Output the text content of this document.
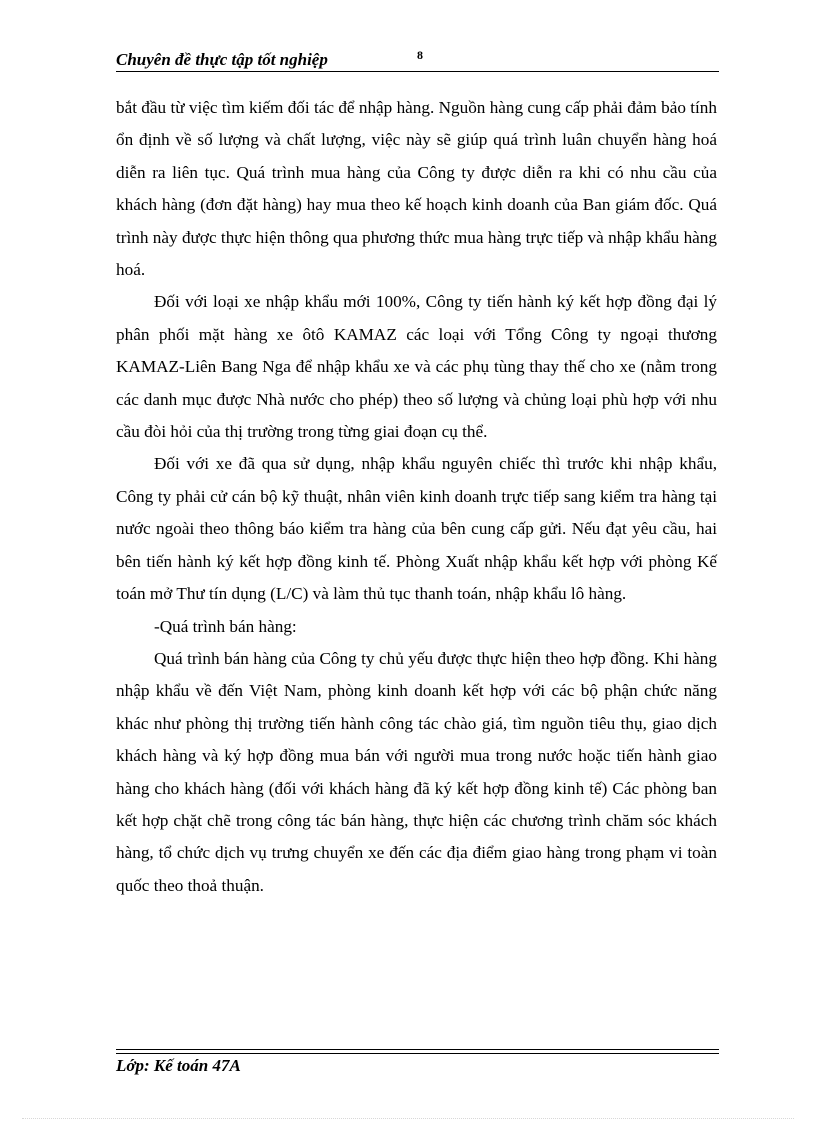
Chuyên đề thực tập tốt nghiệp	8

bắt đầu từ việc tìm kiếm đối tác để nhập hàng. Nguồn hàng cung cấp phải đảm bảo tính ổn định về số lượng và chất lượng, việc này sẽ giúp quá trình luân chuyển hàng hoá diễn ra liên tục. Quá trình mua hàng của Công ty được diễn ra khi có nhu cầu của khách hàng (đơn đặt hàng) hay mua theo kế hoạch kinh doanh của Ban giám đốc. Quá trình này được thực hiện thông qua phương thức mua hàng trực tiếp và nhập khẩu hàng hoá.

Đối với loại xe nhập khẩu mới 100%, Công ty tiến hành ký kết hợp đồng đại lý phân phối mặt hàng xe ôtô KAMAZ các loại với Tổng Công ty ngoại thương KAMAZ-Liên Bang Nga để nhập khẩu xe và các phụ tùng thay thế cho xe (nằm trong các danh mục được Nhà nước cho phép) theo số lượng và chủng loại phù hợp với nhu cầu đòi hỏi của thị trường trong từng giai đoạn cụ thể.

Đối với xe đã qua sử dụng, nhập khẩu nguyên chiếc thì trước khi nhập khẩu, Công ty phải cử cán bộ kỹ thuật, nhân viên kinh doanh trực tiếp sang kiểm tra hàng tại nước ngoài theo thông báo kiểm tra hàng của bên cung cấp gửi. Nếu đạt yêu cầu, hai bên tiến hành ký kết hợp đồng kinh tế. Phòng Xuất nhập khẩu kết hợp với phòng Kế toán mở Thư tín dụng (L/C) và làm thủ tục thanh toán, nhập khẩu lô hàng.

-Quá trình bán hàng:

Quá trình bán hàng của Công ty chủ yếu được thực hiện theo hợp đồng. Khi hàng nhập khẩu về đến Việt Nam, phòng kinh doanh kết hợp với các bộ phận chức năng khác như phòng thị trường tiến hành công tác chào giá, tìm nguồn tiêu thụ, giao dịch khách hàng và ký hợp đồng mua bán với người mua trong nước hoặc tiến hành giao hàng cho khách hàng (đối với khách hàng đã ký kết hợp đồng kinh tế) Các phòng ban kết hợp chặt chẽ trong công tác bán hàng, thực hiện các chương trình chăm sóc khách hàng, tổ chức dịch vụ trưng chuyển xe đến các địa điểm giao hàng trong phạm vi toàn quốc theo thoả thuận.

Lớp: Kế toán 47A
